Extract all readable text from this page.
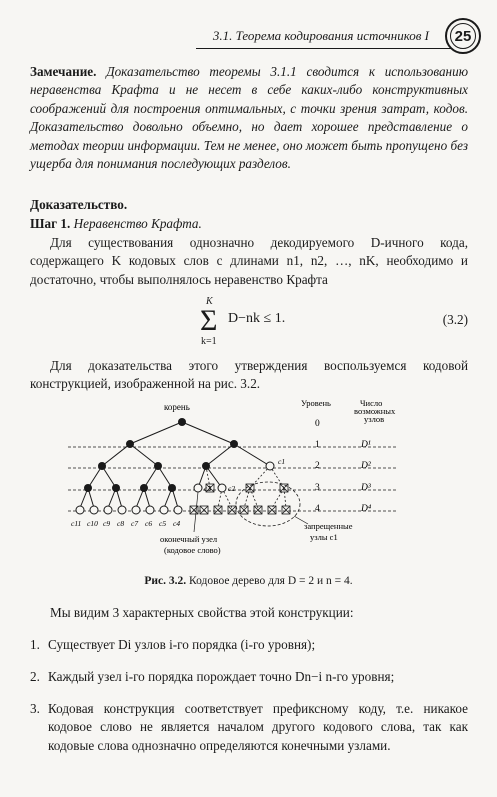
3.1. Теорема кодирования источников I 25
Замечание. Доказательство теоремы 3.1.1 сводится к использованию неравенства Крафта и не несет в себе каких-либо конструктивных соображений для построения оптимальных, с точки зрения затрат, кодов. Доказательство довольно объемно, но дает хорошее представление о методах теории информации. Тем не менее, оно может быть пропущено без ущерба для понимания последующих разделов.
Доказательство.
Шаг 1. Неравенство Крафта.
Для существования однозначно декодируемого D-ичного кода, содержащего K кодовых слов с длинами n1, n2, …, nK, необходимо и достаточно, чтобы выполнялось неравенство Крафта
K
Σ
k=1
D−nk ≤ 1.	(3.2)
Для доказательства этого утверждения воспользуемся кодовой конструкцией, изображенной на рис. 3.2.
Уровень	Число
возможных
узлов
корень
0
1
2
3
4
D¹
D²
D³
D⁴
c1
c2
c3
c11 c10 c9 c8 c7 c6 c5 c4
оконечный узел
(кодовое слово)
запрещенные
узлы c1
Рис. 3.2. Кодовое дерево для D = 2 и n = 4.
Мы видим 3 характерных свойства этой конструкции:
1. Существует Di узлов i-го порядка (i-го уровня);
2. Каждый узел i-го порядка порождает точно Dn−i n-го уровня;
3. Кодовая конструкция соответствует префиксному коду, т.е. никакое кодовое слово не является началом другого кодового слова, так как кодовые слова однозначно определяются конечными узлами.
